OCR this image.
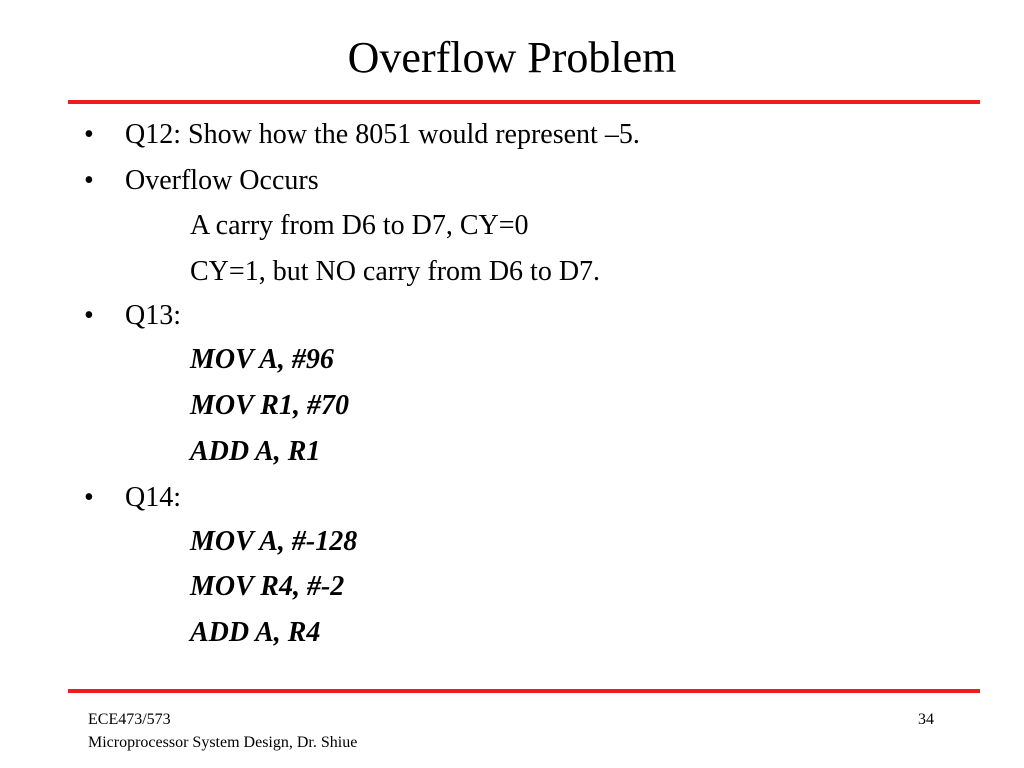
Overflow Problem
• Q12: Show how the 8051 would represent –5.
• Overflow Occurs
A carry from D6 to D7, CY=0
CY=1, but NO carry from D6 to D7.
• Q13:
MOV A, #96
MOV R1, #70
ADD A, R1
• Q14:
MOV A, #-128
MOV R4, #-2
ADD A, R4
ECE473/573
Microprocessor System Design, Dr. Shiue
34
